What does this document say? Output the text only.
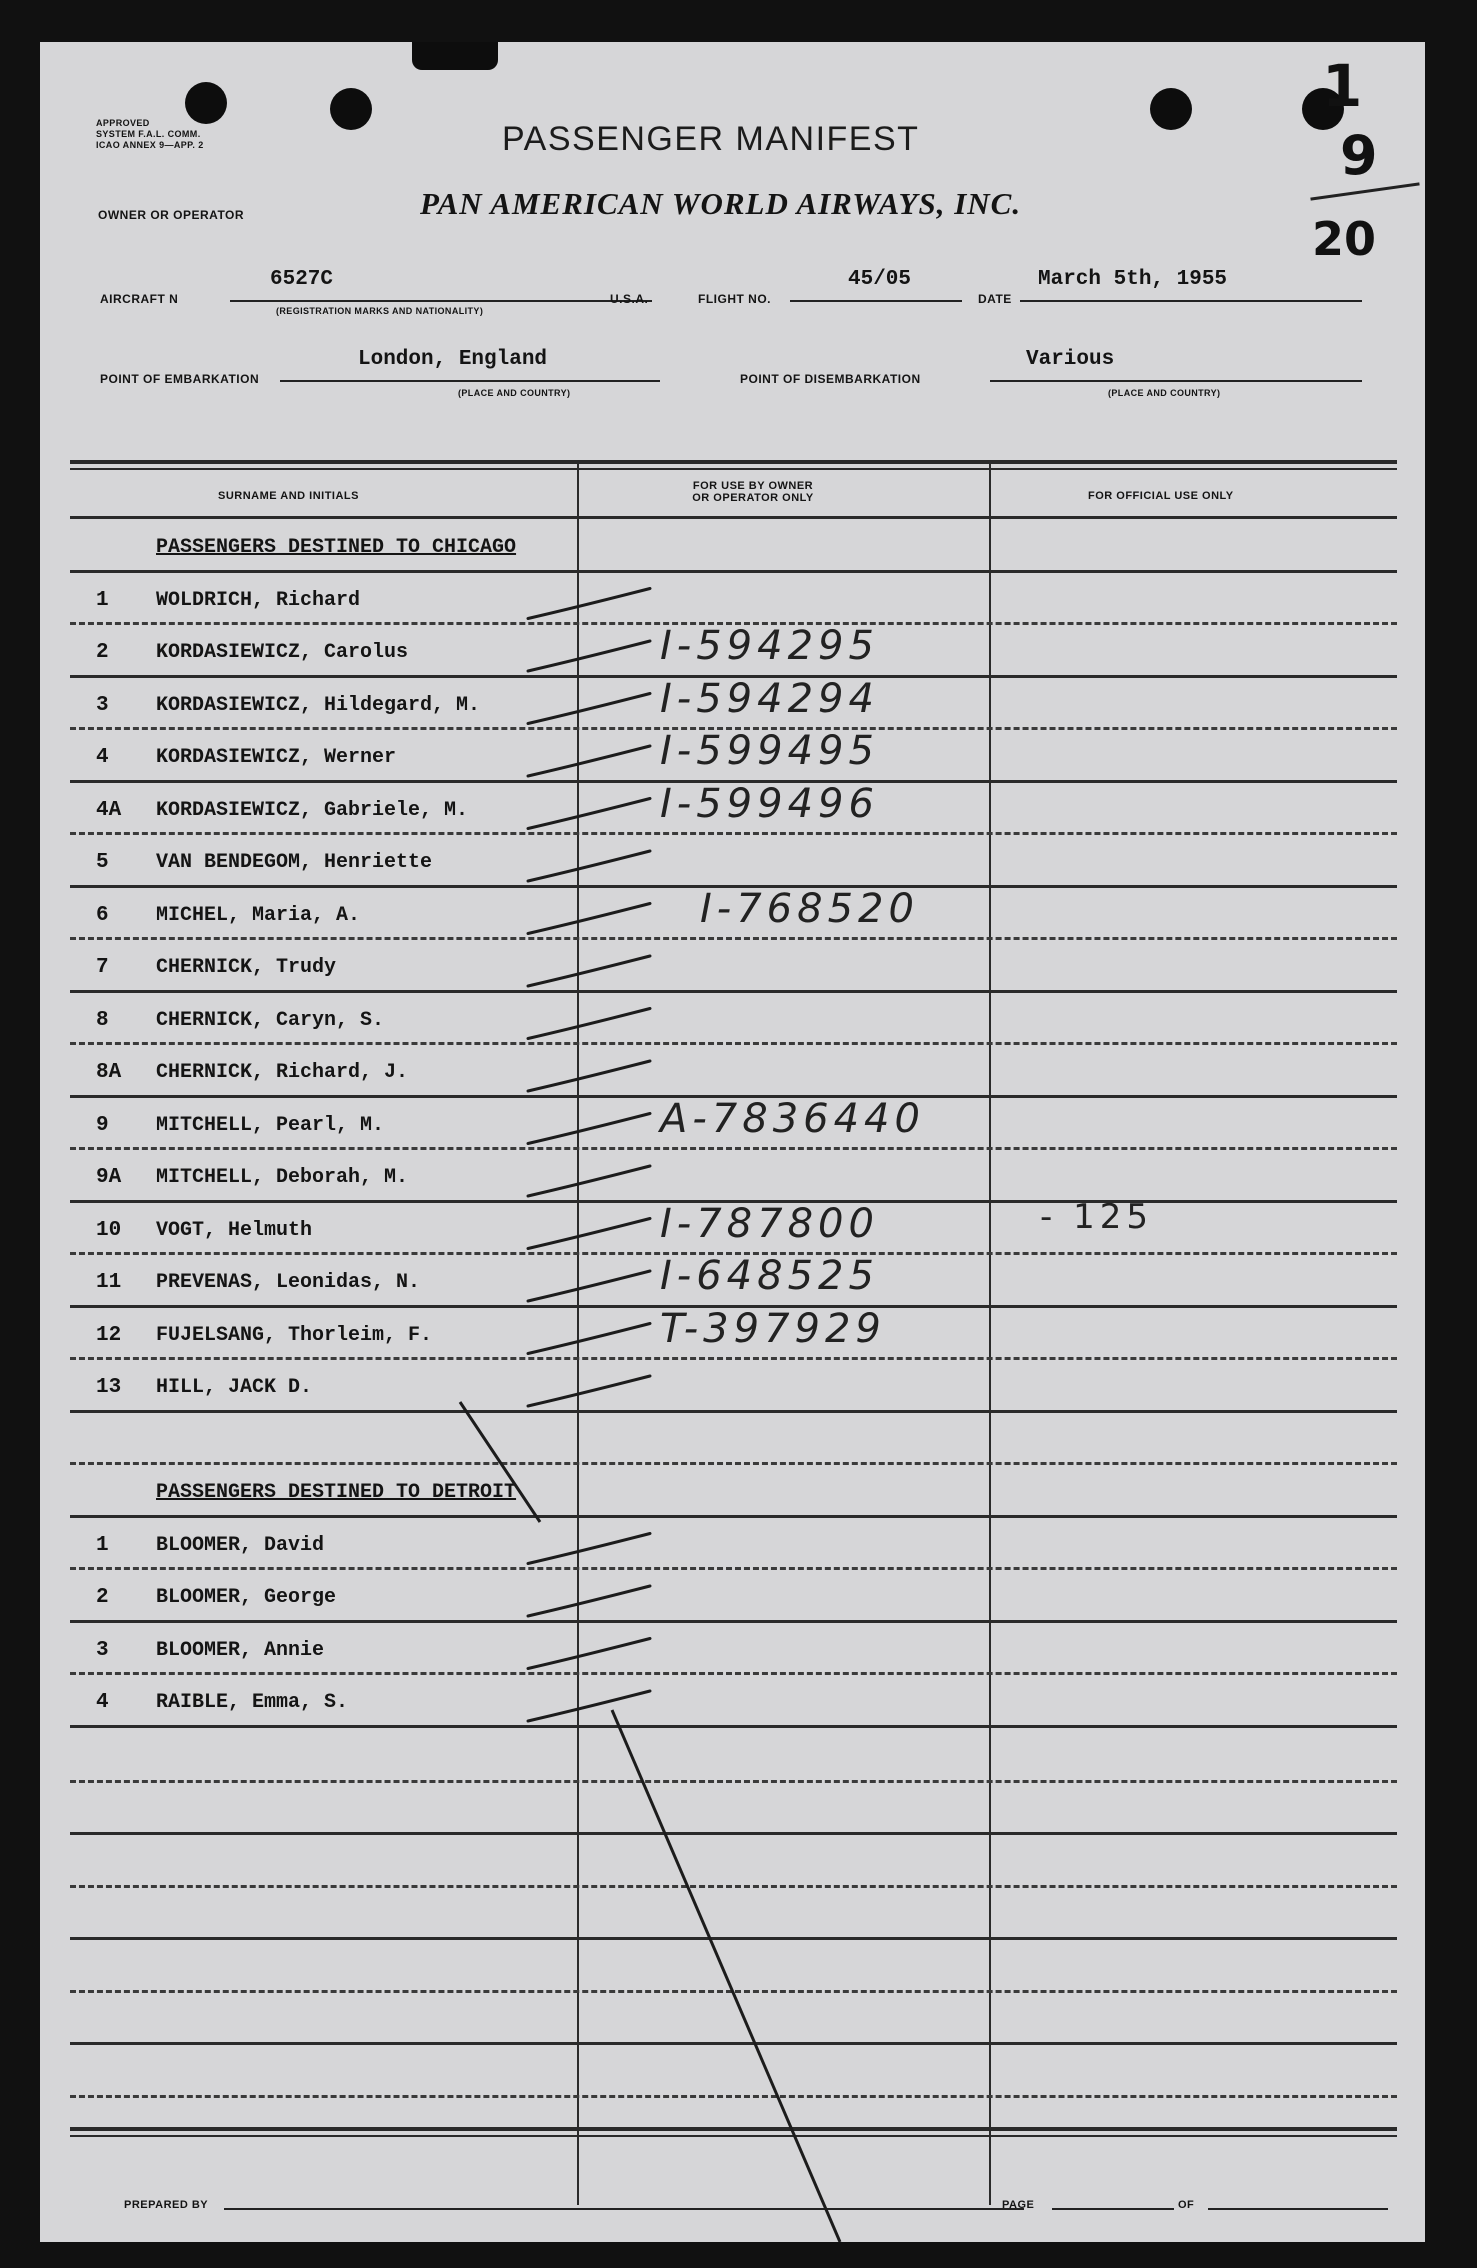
APPROVED
SYSTEM F.A.L. COMM.
ICAO ANNEX 9—APP. 2	PASSENGER MANIFEST
OWNER OR OPERATOR	PAN AMERICAN WORLD AIRWAYS, INC.
1
9
20
AIRCRAFT N
6527C
(REGISTRATION MARKS AND NATIONALITY)
U.S.A.	FLIGHT NO.
45/05
DATE
March 5th, 1955
POINT OF EMBARKATION
London, England
(PLACE AND COUNTRY)
POINT OF DISEMBARKATION
Various
(PLACE AND COUNTRY)
SURNAME AND INITIALS
FOR USE BY OWNER
OR OPERATOR ONLY	FOR OFFICIAL USE ONLY
PASSENGERS DESTINED TO CHICAGO
1 WOLDRICH, Richard
2 KORDASIEWICZ, Carolus	I-594295
3 KORDASIEWICZ, Hildegard, M.	I-594294
4 KORDASIEWICZ, Werner	I-599495
4A KORDASIEWICZ, Gabriele, M.	I-599496
5 VAN BENDEGOM, Henriette
6 MICHEL, Maria, A.	I-768520
7 CHERNICK, Trudy
8 CHERNICK, Caryn, S.
8A CHERNICK, Richard, J.
9 MITCHELL, Pearl, M.	A-7836440
9A MITCHELL, Deborah, M.
10 VOGT, Helmuth	I-787800	- 125
11 PREVENAS, Leonidas, N.	I-648525
12 FUJELSANG, Thorleim, F.	T-397929
13 HILL, JACK D.
PASSENGERS DESTINED TO DETROIT
1 BLOOMER, David
2 BLOOMER, George
3 BLOOMER, Annie
4 RAIBLE, Emma, S.
PREPARED BY	PAGE	OF
